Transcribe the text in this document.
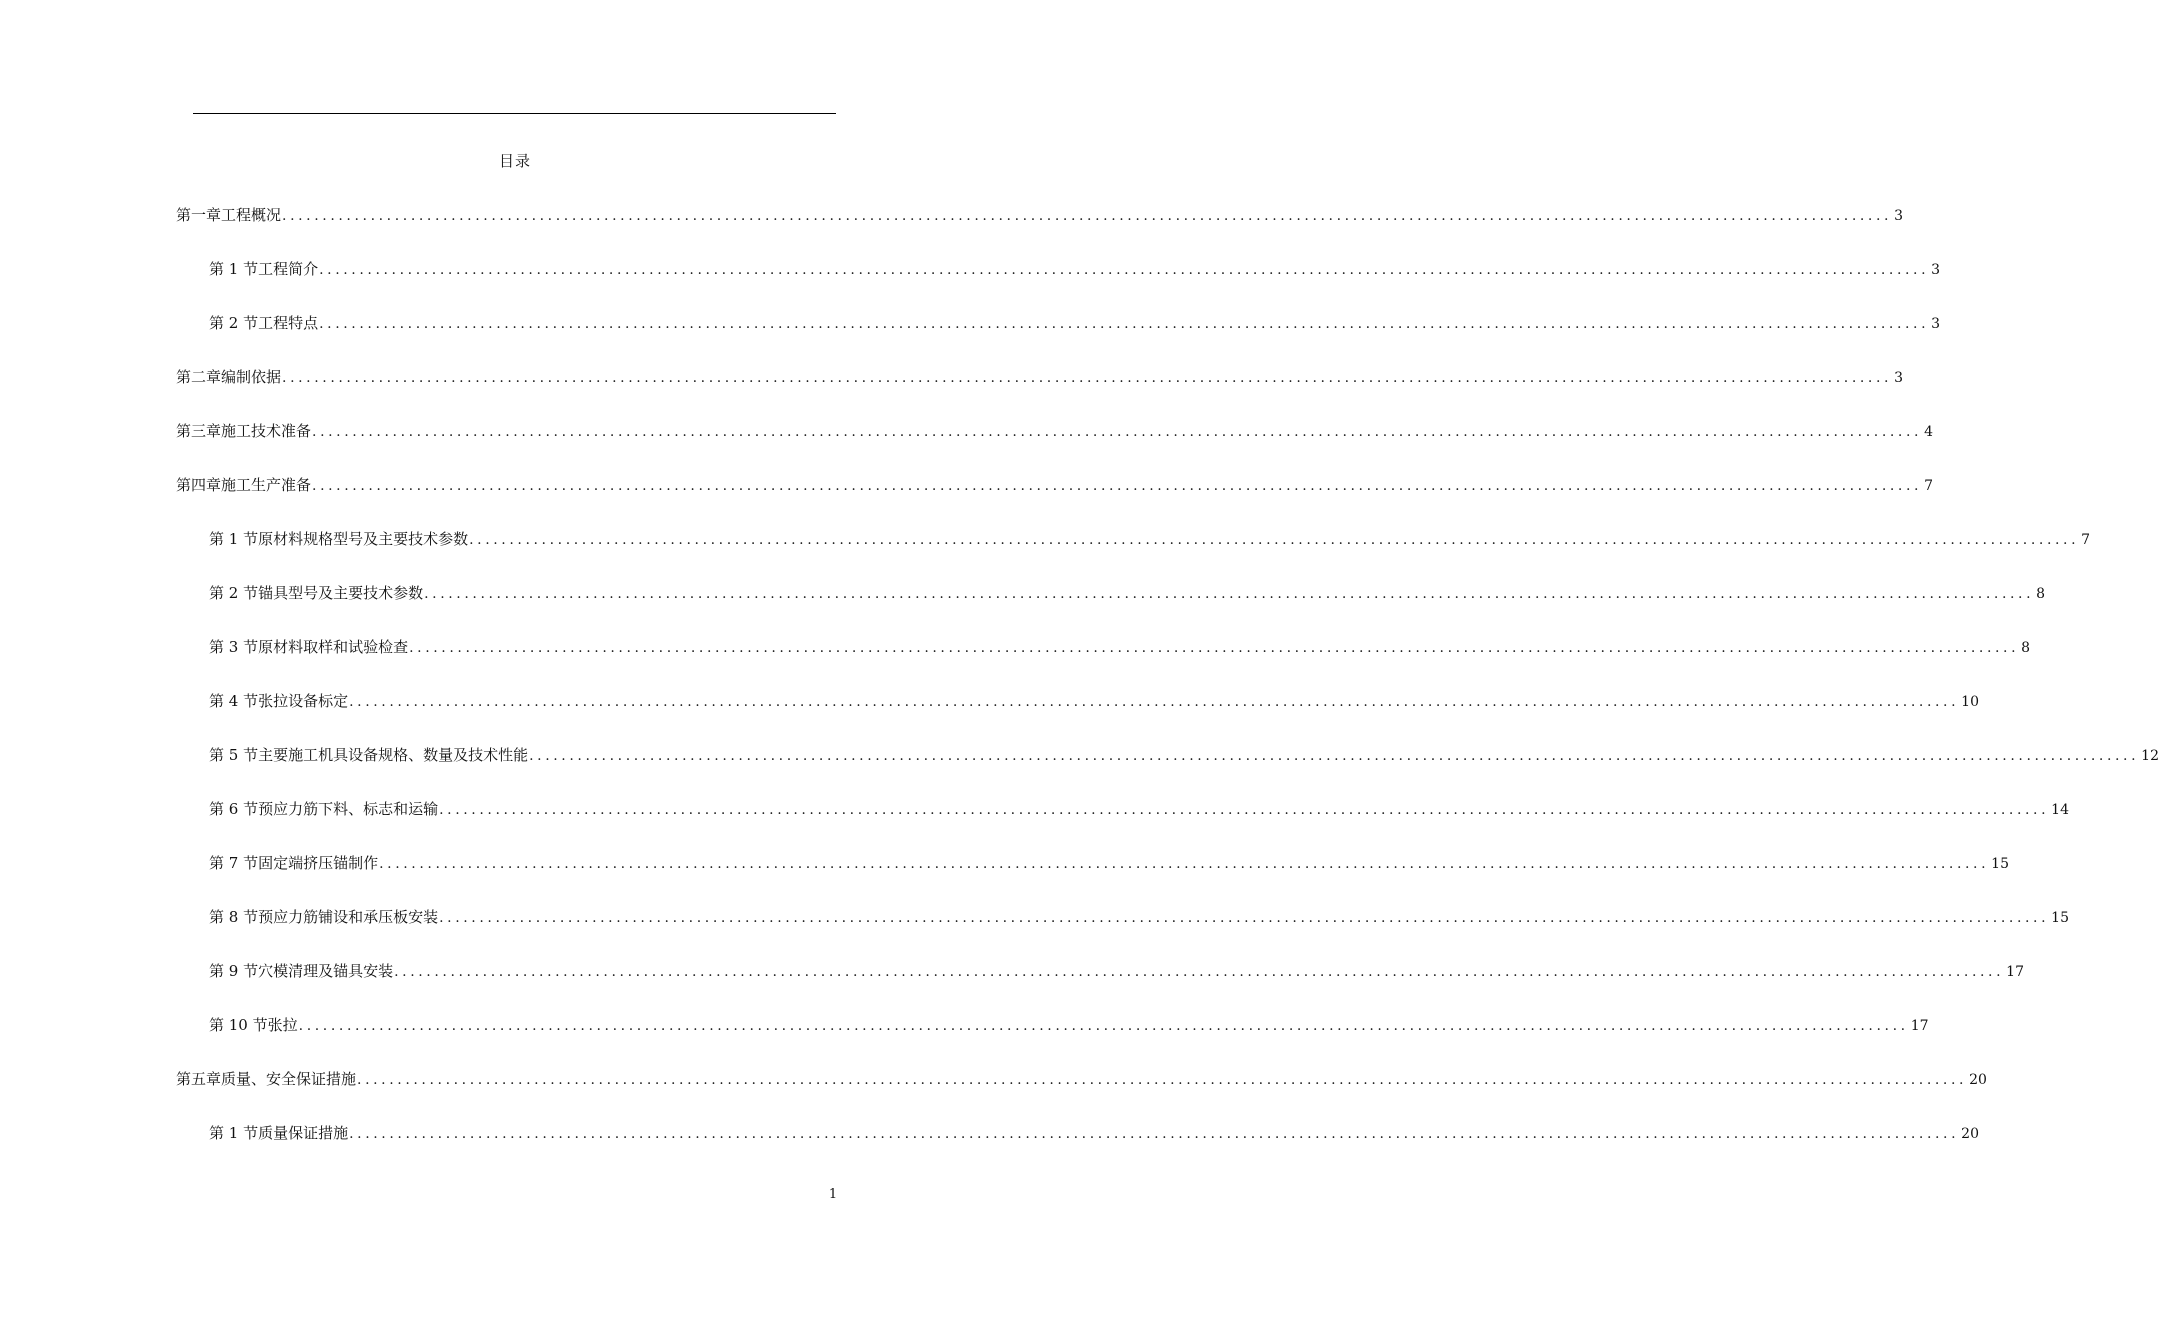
目录
第一章 工程概况 ........................................................................................................................................................................................................ 3
第 1 节 工程简介 ........................................................................................................................................................................................................ 3
第 2 节 工程特点 ........................................................................................................................................................................................................ 3
第二章 编制依据 ........................................................................................................................................................................................................ 3
第三章 施工技术准备 ........................................................................................................................................................................................................ 4
第四章 施工生产准备 ........................................................................................................................................................................................................ 7
第 1 节 原材料规格型号及主要技术参数 ........................................................................................................................................................................................................ 7
第 2 节 锚具型号及主要技术参数 ........................................................................................................................................................................................................ 8
第 3 节 原材料取样和试验检查 ........................................................................................................................................................................................................ 8
第 4 节 张拉设备标定 ........................................................................................................................................................................................................ 10
第 5 节 主要施工机具设备规格、数量及技术性能 ........................................................................................................................................................................................................ 12
第 6 节 预应力筋下料、标志和运输 ........................................................................................................................................................................................................ 14
第 7 节 固定端挤压锚制作 ........................................................................................................................................................................................................ 15
第 8 节 预应力筋铺设和承压板安装 ........................................................................................................................................................................................................ 15
第 9 节 穴模清理及锚具安装 ........................................................................................................................................................................................................ 17
第 10 节 张拉 ........................................................................................................................................................................................................ 17
第五章 质量、安全保证措施 ........................................................................................................................................................................................................ 20
第 1 节 质量保证措施 ........................................................................................................................................................................................................ 20
1
